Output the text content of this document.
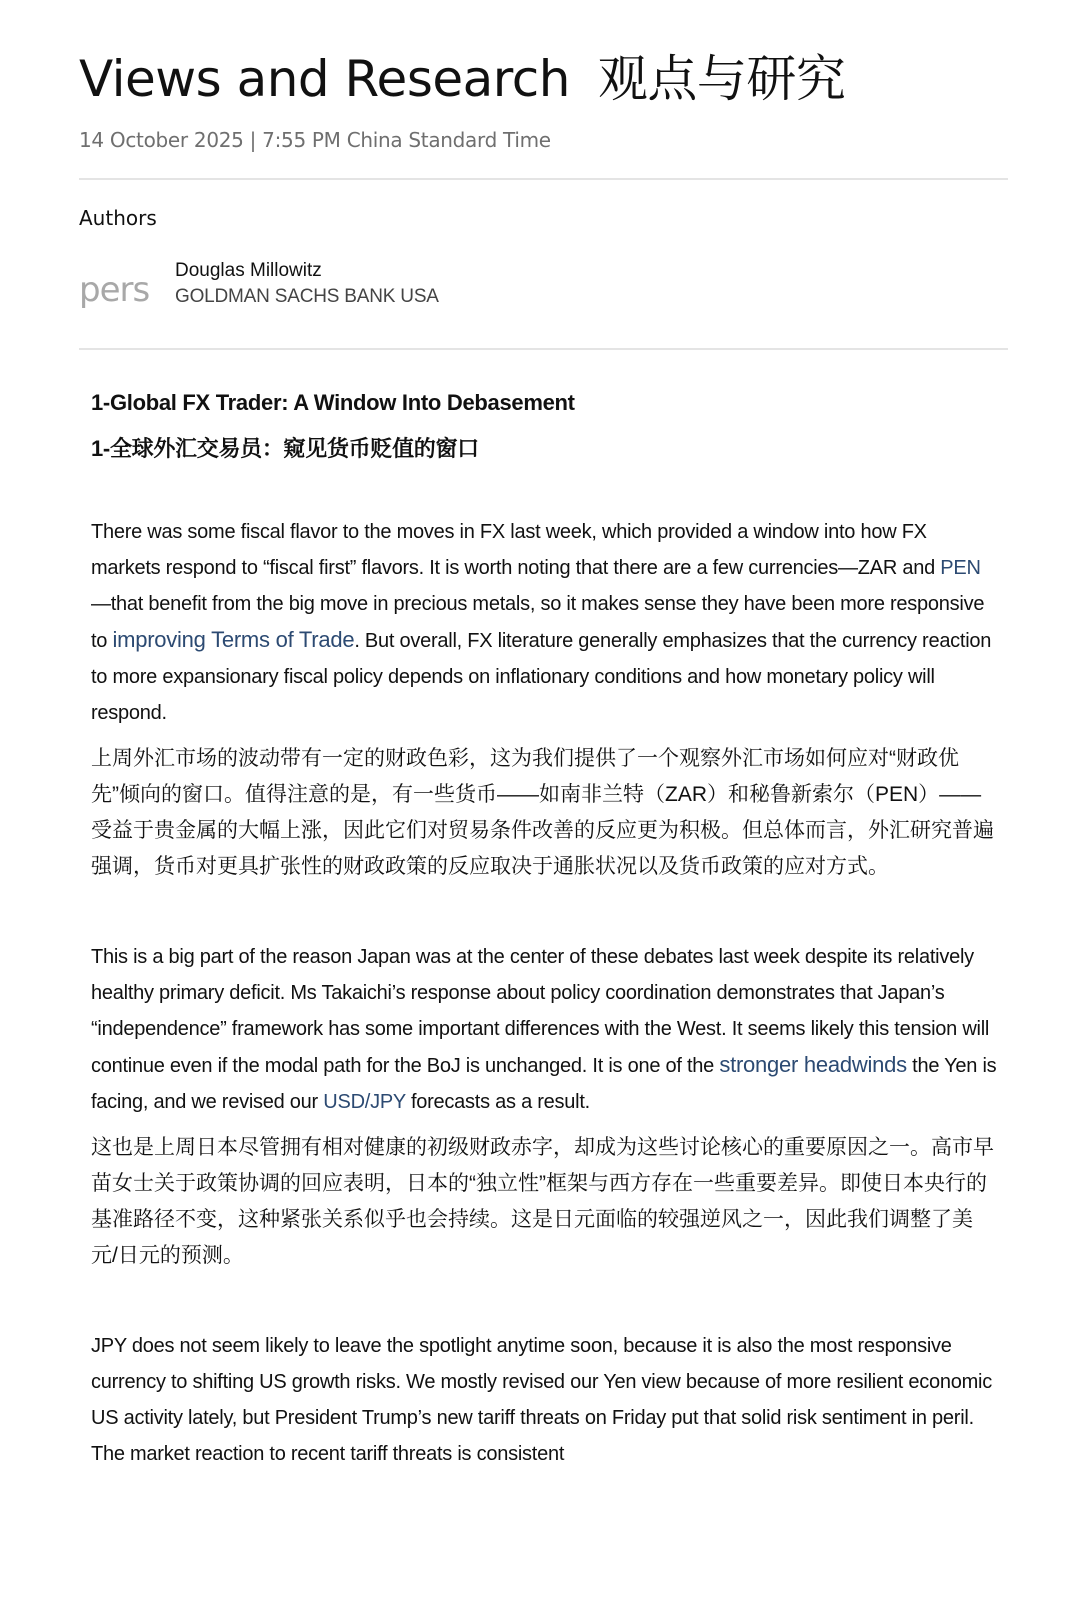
Views and Research 观点与研究
14 October 2025 | 7:55 PM China Standard Time
Authors
pers	Douglas Millowitz
GOLDMAN SACHS BANK USA
1-Global FX Trader: A Window Into Debasement
1-全球外汇交易员：窥见货币贬值的窗口

There was some fiscal flavor to the moves in FX last week, which provided a window into how FX markets respond to “fiscal first” flavors. It is worth noting that there are a few currencies—ZAR and PEN—that benefit from the big move in precious metals, so it makes sense they have been more responsive to improving Terms of Trade. But overall, FX literature generally emphasizes that the currency reaction to more expansionary fiscal policy depends on inflationary conditions and how monetary policy will respond.

上周外汇市场的波动带有一定的财政色彩，这为我们提供了一个观察外汇市场如何应对“财政优先”倾向的窗口。值得注意的是，有一些货币——如南非兰特（ZAR）和秘鲁新索尔（PEN）——受益于贵金属的大幅上涨，因此它们对贸易条件改善的反应更为积极。但总体而言，外汇研究普遍强调，货币对更具扩张性的财政政策的反应取决于通胀状况以及货币政策的应对方式。

This is a big part of the reason Japan was at the center of these debates last week despite its relatively healthy primary deficit. Ms Takaichi’s response about policy coordination demonstrates that Japan’s “independence” framework has some important differences with the West. It seems likely this tension will continue even if the modal path for the BoJ is unchanged. It is one of the stronger headwinds the Yen is facing, and we revised our USD/JPY forecasts as a result.

这也是上周日本尽管拥有相对健康的初级财政赤字，却成为这些讨论核心的重要原因之一。高市早苗女士关于政策协调的回应表明，日本的“独立性”框架与西方存在一些重要差异。即使日本央行的基准路径不变，这种紧张关系似乎也会持续。这是日元面临的较强逆风之一，因此我们调整了美元/日元的预测。

JPY does not seem likely to leave the spotlight anytime soon, because it is also the most responsive currency to shifting US growth risks. We mostly revised our Yen view because of more resilient economic US activity lately, but President Trump’s new tariff threats on Friday put that solid risk sentiment in peril. The market reaction to recent tariff threats is consistent
